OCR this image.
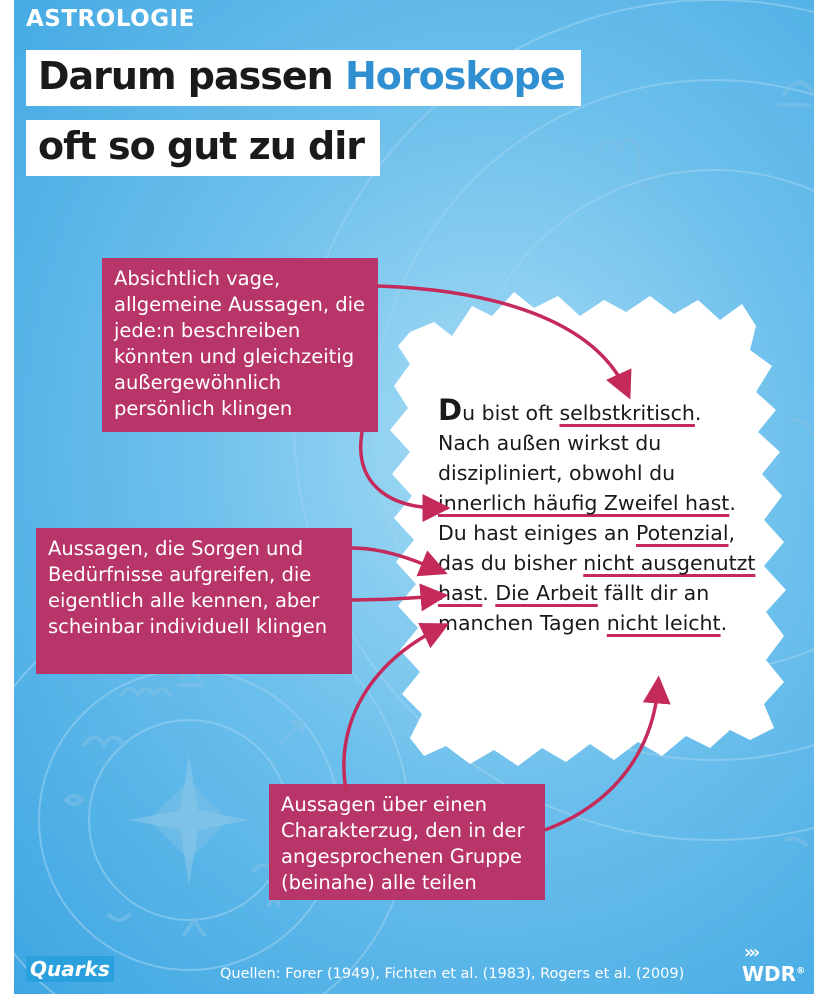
ASTROLOGIE
Darum passen Horoskope
oft so gut zu dir
Du bist oft selbstkritisch. Nach außen wirkst du diszipliniert, obwohl du innerlich häufig Zweifel hast. Du hast einiges an Potenzial, das du bisher nicht ausgenutzt hast. Die Arbeit fällt dir an manchen Tagen nicht leicht.
Absichtlich vage, allgemeine Aussagen, die jede:n beschreiben könnten und gleichzeitig außergewöhnlich persönlich klingen
Aussagen, die Sorgen und Bedürfnisse aufgreifen, die eigentlich alle kennen, aber scheinbar individuell klingen
Aussagen über einen Charakterzug, den in der angesprochenen Gruppe (beinahe) alle teilen
Quarks	Quellen: Forer (1949), Fichten et al. (1983), Rogers et al. (2009)
›››
WDR®
